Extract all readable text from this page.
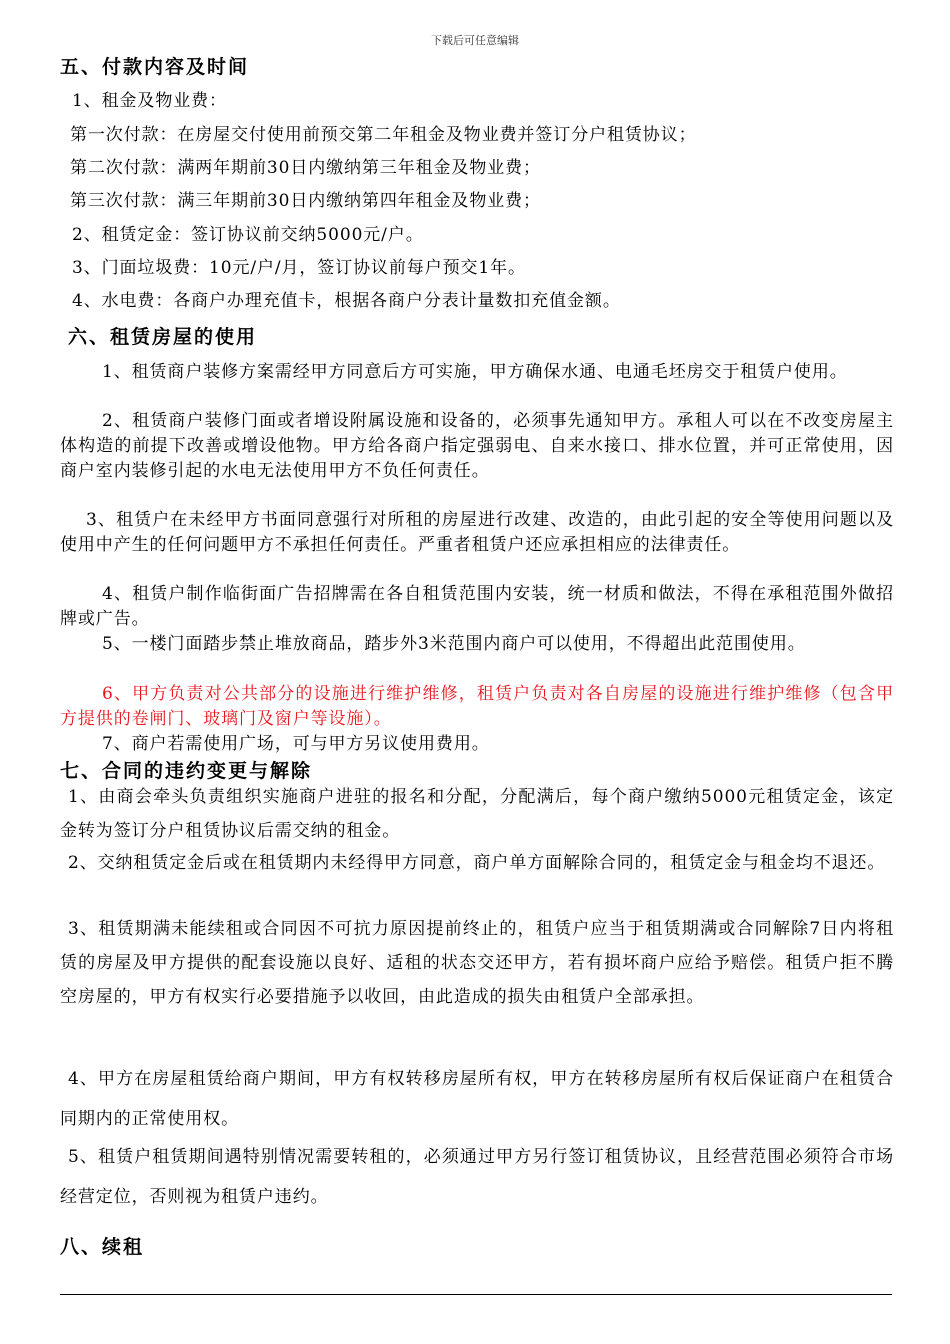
下载后可任意编辑
五、付款内容及时间
1、租金及物业费：
第一次付款：在房屋交付使用前预交第二年租金及物业费并签订分户租赁协议；
第二次付款：满两年期前30日内缴纳第三年租金及物业费；
第三次付款：满三年期前30日内缴纳第四年租金及物业费；
2、租赁定金：签订协议前交纳5000元/户。
3、门面垃圾费：10元/户/月，签订协议前每户预交1年。
4、水电费：各商户办理充值卡，根据各商户分表计量数扣充值金额。
六、租赁房屋的使用
1、租赁商户装修方案需经甲方同意后方可实施，甲方确保水通、电通毛坯房交于租赁户使用。
2、租赁商户装修门面或者增设附属设施和设备的，必须事先通知甲方。承租人可以在不改变房屋主体构造的前提下改善或增设他物。甲方给各商户指定强弱电、自来水接口、排水位置，并可正常使用，因商户室内装修引起的水电无法使用甲方不负任何责任。
3、租赁户在未经甲方书面同意强行对所租的房屋进行改建、改造的，由此引起的安全等使用问题以及使用中产生的任何问题甲方不承担任何责任。严重者租赁户还应承担相应的法律责任。
4、租赁户制作临街面广告招牌需在各自租赁范围内安装，统一材质和做法，不得在承租范围外做招牌或广告。
5、一楼门面踏步禁止堆放商品，踏步外3米范围内商户可以使用，不得超出此范围使用。
6、甲方负责对公共部分的设施进行维护维修，租赁户负责对各自房屋的设施进行维护维修（包含甲方提供的卷闸门、玻璃门及窗户等设施）。
7、商户若需使用广场，可与甲方另议使用费用。
七、合同的违约变更与解除
1、由商会牵头负责组织实施商户进驻的报名和分配，分配满后，每个商户缴纳5000元租赁定金，该定金转为签订分户租赁协议后需交纳的租金。
2、交纳租赁定金后或在租赁期内未经得甲方同意，商户单方面解除合同的，租赁定金与租金均不退还。
3、租赁期满未能续租或合同因不可抗力原因提前终止的，租赁户应当于租赁期满或合同解除7日内将租赁的房屋及甲方提供的配套设施以良好、适租的状态交还甲方，若有损坏商户应给予赔偿。租赁户拒不腾空房屋的，甲方有权实行必要措施予以收回，由此造成的损失由租赁户全部承担。
4、甲方在房屋租赁给商户期间，甲方有权转移房屋所有权，甲方在转移房屋所有权后保证商户在租赁合同期内的正常使用权。
5、租赁户租赁期间遇特别情况需要转租的，必须通过甲方另行签订租赁协议，且经营范围必须符合市场经营定位，否则视为租赁户违约。
八、续租
